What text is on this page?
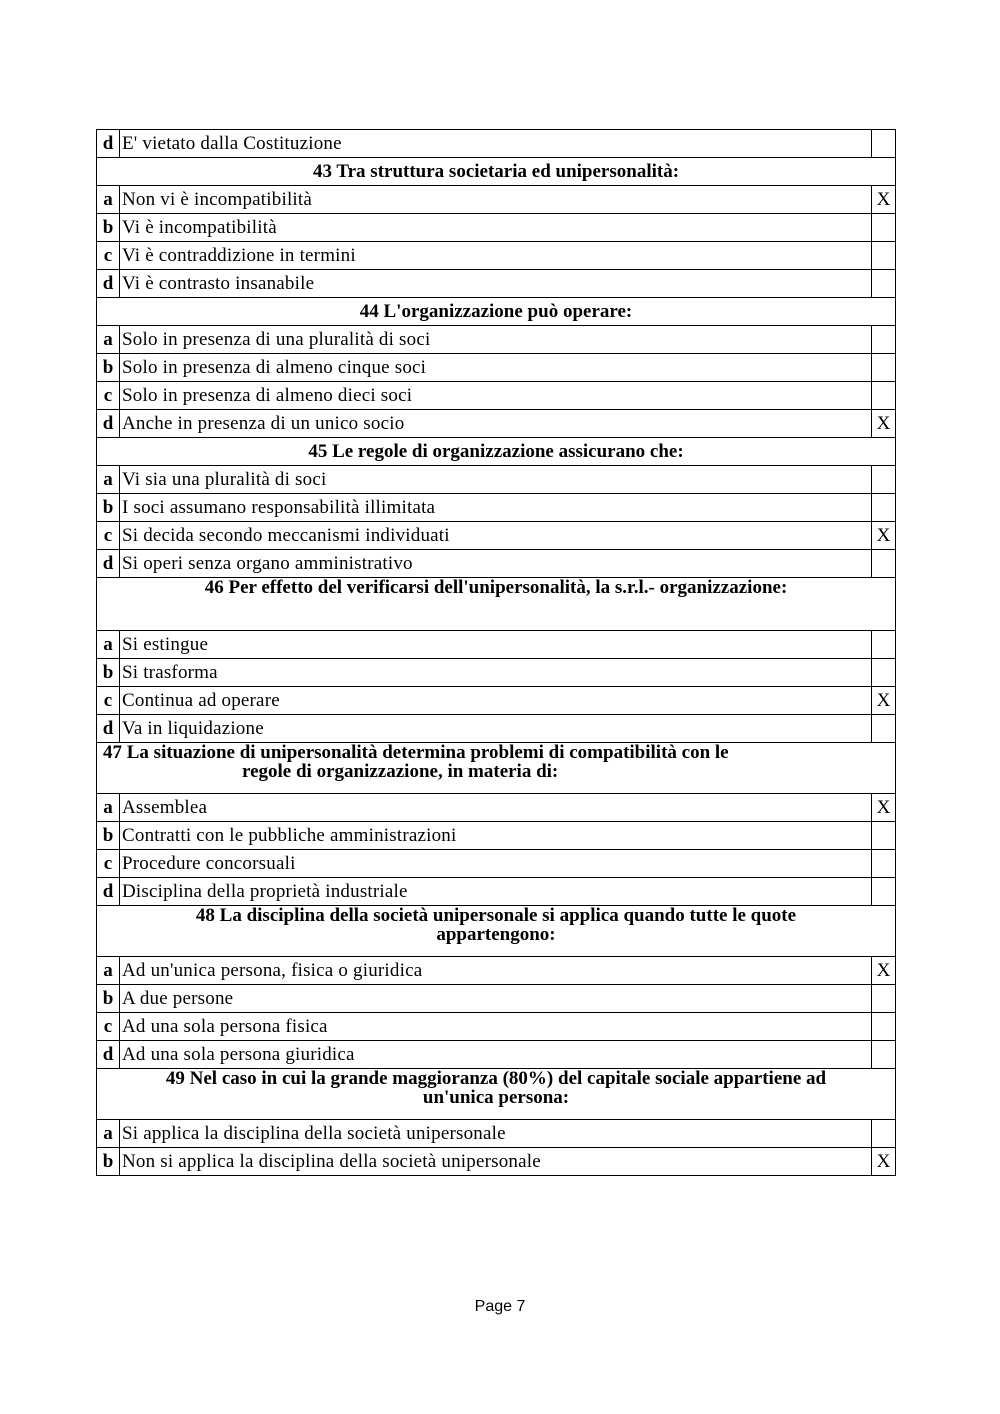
d	E' vietato dalla Costituzione	

43 Tra struttura societaria ed unipersonalità:		

a	Non vi è incompatibilità	X
b	Vi è incompatibilità	
c	Vi è contraddizione in termini	
d	Vi è contrasto insanabile	

44 L'organizzazione può operare:		

a	Solo in presenza di una pluralità di soci	
b	Solo in presenza di almeno cinque soci	
c	Solo in presenza di almeno dieci soci	
d	Anche in presenza di un unico socio	X

45 Le regole di organizzazione assicurano che:		

a	Vi sia una pluralità di soci	
b	I soci assumano responsabilità illimitata	
c	Si decida secondo meccanismi individuati	X
d	Si operi senza organo amministrativo	

46 Per effetto del verificarsi dell'unipersonalità, la s.r.l.- organizzazione:		

a	Si estingue	
b	Si trasforma	
c	Continua ad operare	X
d	Va in liquidazione	

47 La situazione di unipersonalità determina problemi di compatibilità con le
regole di organizzazione, in materia di:		

a	Assemblea	X
b	Contratti con le pubbliche amministrazioni	
c	Procedure concorsuali	
d	Disciplina della proprietà industriale	

48 La disciplina della società unipersonale si applica quando tutte le quote
appartengono:		

a	Ad un'unica persona, fisica o giuridica	X
b	A due persone	
c	Ad una sola persona fisica	
d	Ad una sola persona giuridica	

49 Nel caso in cui la grande maggioranza (80%) del capitale sociale appartiene ad
un'unica persona:		

a	Si applica la disciplina della società unipersonale	
b	Non si applica la disciplina della società unipersonale	X
Page 7
